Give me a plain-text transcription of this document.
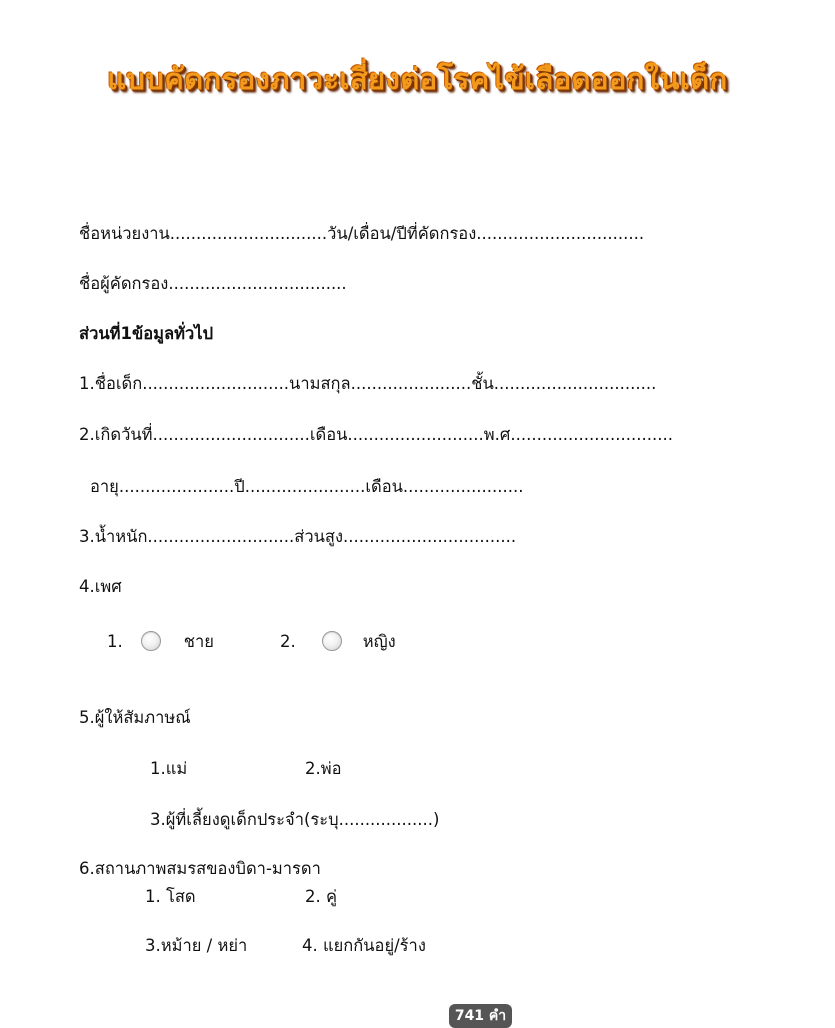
แบบคัดกรองภาวะเสี่ยงต่อโรคไข้เลือดออกในเด็ก
ชื่อหน่วยงาน..............................วัน/เดื่อน/ปีที่คัดกรอง................................
ชื่อผู้คัดกรอง..................................
ส่วนที่1ข้อมูลทั่วไป
1.ชื่อเด็ก............................นามสกุล.......................ชั้น...............................
2.เกิดวันที่..............................เดือน..........................พ.ศ...............................
อายุ......................ปี.......................เดือน.......................
3.น้ำหนัก............................ส่วนสูง.................................
4.เพศ
1.	ชาย	2.	หญิง
5.ผู้ให้สัมภาษณ์
1.แม่	2.พ่อ
3.ผู้ที่เลี้ยงดูเด็กประจำ(ระบุ..................)
6.สถานภาพสมรสของบิดา-มารดา
1. โสด	2. คู่
3.หม้าย / หย่า	4. แยกกันอยู่/ร้าง
741 คำ
